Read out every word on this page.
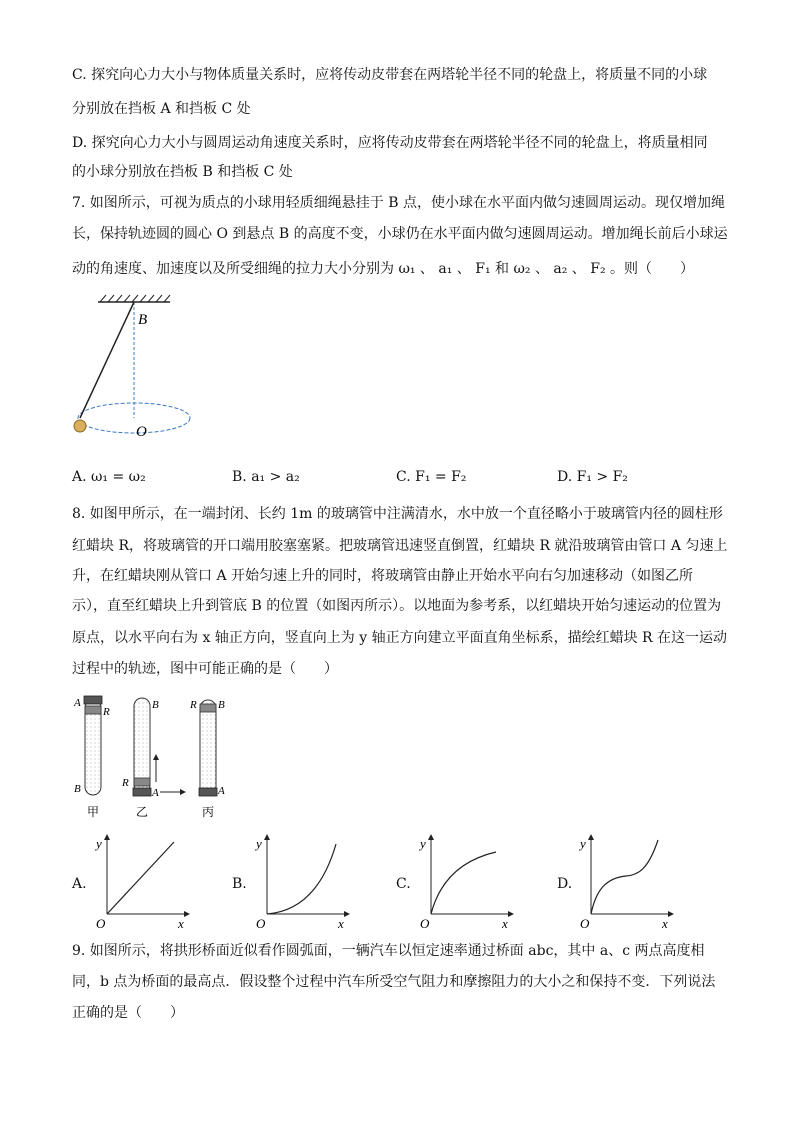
C. 探究向心力大小与物体质量关系时，应将传动皮带套在两塔轮半径不同的轮盘上，将质量不同的小球
分别放在挡板 A 和挡板 C 处
D. 探究向心力大小与圆周运动角速度关系时，应将传动皮带套在两塔轮半径不同的轮盘上，将质量相同
的小球分别放在挡板 B 和挡板 C 处
7. 如图所示，可视为质点的小球用轻质细绳悬挂于 B 点，使小球在水平面内做匀速圆周运动。现仅增加绳
长，保持轨迹圆的圆心 O 到悬点 B 的高度不变，小球仍在水平面内做匀速圆周运动。增加绳长前后小球运
动的角速度、加速度以及所受细绳的拉力大小分别为 ω₁ 、 a₁ 、 F₁ 和 ω₂ 、 a₂ 、 F₂ 。则（　　）
B
O
A. ω₁ = ω₂	B. a₁ > a₂	C. F₁ = F₂	D. F₁ > F₂
8. 如图甲所示，在一端封闭、长约 1m 的玻璃管中注满清水，水中放一个直径略小于玻璃管内径的圆柱形
红蜡块 R，将玻璃管的开口端用胶塞塞紧。把玻璃管迅速竖直倒置，红蜡块 R 就沿玻璃管由管口 A 匀速上
升，在红蜡块刚从管口 A 开始匀速上升的同时，将玻璃管由静止开始水平向右匀加速移动（如图乙所
示），直至红蜡块上升到管底 B 的位置（如图丙所示）。以地面为参考系，以红蜡块开始匀速运动的位置为
原点，以水平向右为 x 轴正方向，竖直向上为 y 轴正方向建立平面直角坐标系，描绘红蜡块 R 在这一运动
过程中的轨迹，图中可能正确的是（　　）
A
R
B
甲
B
R
A
乙
R B
A
丙
A.	B.	C.	D.
O
y
x	O
y
x	O
y
x	O
y
x
9. 如图所示，将拱形桥面近似看作圆弧面，一辆汽车以恒定速率通过桥面 abc，其中 a、c 两点高度相
同，b 点为桥面的最高点．假设整个过程中汽车所受空气阻力和摩擦阻力的大小之和保持不变．下列说法
正确的是（　　）
